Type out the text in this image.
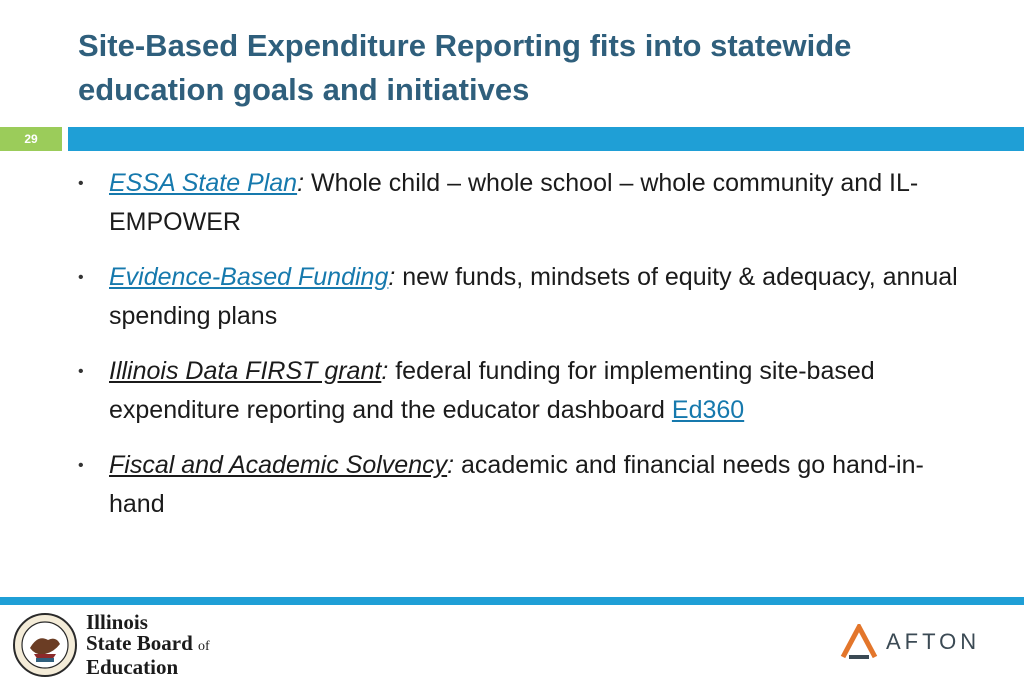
Site-Based Expenditure Reporting fits into statewide
education goals and initiatives
29
• ESSA State Plan: Whole child – whole school – whole community and IL-EMPOWER
• Evidence-Based Funding: new funds, mindsets of equity & adequacy, annual spending plans
• Illinois Data FIRST grant: federal funding for implementing site-based expenditure reporting and the educator dashboard Ed360
• Fiscal and Academic Solvency: academic and financial needs go hand-in-hand
Illinois
State Board of
Education
AFTON
